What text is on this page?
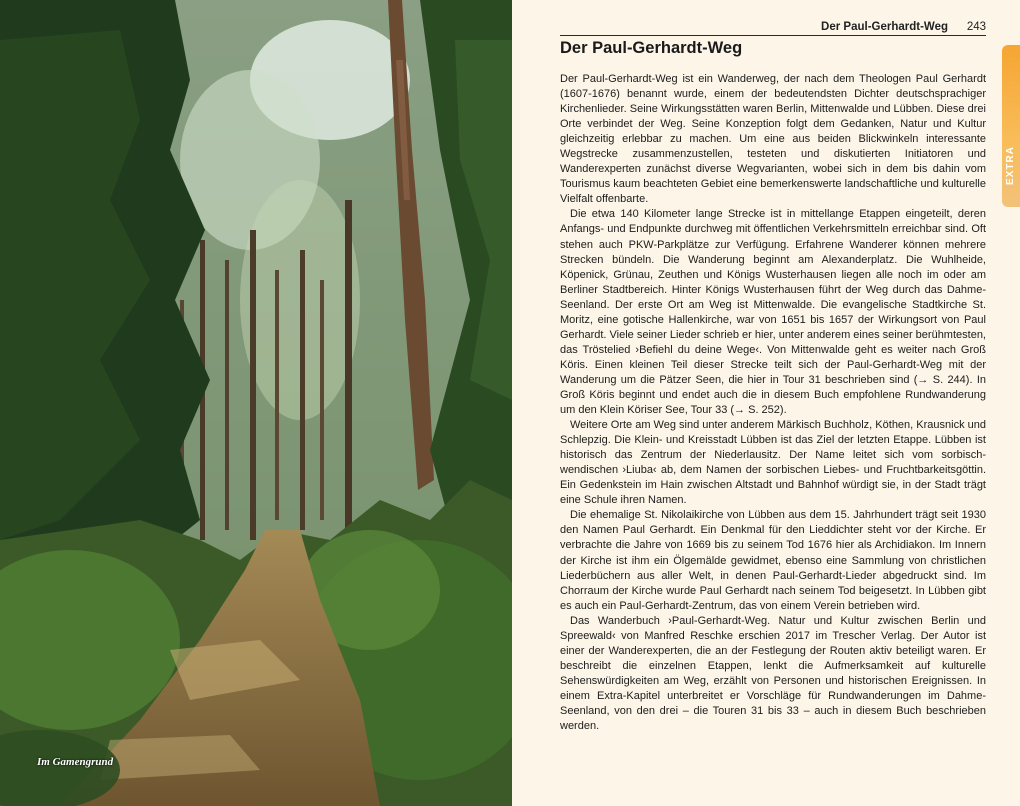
Im Gamengrund
Der Paul-Gerhardt-Weg 243
EXTRA
Der Paul-Gerhardt-Weg

Der Paul-Gerhardt-Weg ist ein Wanderweg, der nach dem Theologen Paul Gerhardt (1607-1676) benannt wurde, einem der bedeutendsten Dichter deutschsprachiger Kirchenlieder. Seine Wirkungsstätten waren Berlin, Mittenwalde und Lübben. Diese drei Orte verbindet der Weg. Seine Konzeption folgt dem Gedanken, Natur und Kultur gleichzeitig erlebbar zu machen. Um eine aus beiden Blickwinkeln interessante Wegstrecke zusammenzustellen, testeten und diskutierten Initiatoren und Wanderexperten zunächst diverse Wegvarianten, wobei sich in dem bis dahin vom Tourismus kaum beachteten Gebiet eine bemerkenswerte landschaftliche und kulturelle Vielfalt offenbarte.

Die etwa 140 Kilometer lange Strecke ist in mittellange Etappen eingeteilt, deren Anfangs- und Endpunkte durchweg mit öffentlichen Verkehrsmitteln erreichbar sind. Oft stehen auch PKW-Parkplätze zur Verfügung. Erfahrene Wanderer können mehrere Strecken bündeln. Die Wanderung beginnt am Alexanderplatz. Die Wuhlheide, Köpenick, Grünau, Zeuthen und Königs Wusterhausen liegen alle noch im oder am Berliner Stadtbereich. Hinter Königs Wusterhausen führt der Weg durch das Dahme-Seenland. Der erste Ort am Weg ist Mittenwalde. Die evangelische Stadtkirche St. Moritz, eine gotische Hallenkirche, war von 1651 bis 1657 der Wirkungsort von Paul Gerhardt. Viele seiner Lieder schrieb er hier, unter anderem eines seiner berühmtesten, das Tröstelied ›Befiehl du deine Wege‹. Von Mittenwalde geht es weiter nach Groß Köris. Einen kleinen Teil dieser Strecke teilt sich der Paul-Gerhardt-Weg mit der Wanderung um die Pätzer Seen, die hier in Tour 31 beschrieben sind (→ S. 244). In Groß Köris beginnt und endet auch die in diesem Buch empfohlene Rundwanderung um den Klein Köriser See, Tour 33 (→ S. 252).

Weitere Orte am Weg sind unter anderem Märkisch Buchholz, Köthen, Krausnick und Schlepzig. Die Klein- und Kreisstadt Lübben ist das Ziel der letzten Etappe. Lübben ist historisch das Zentrum der Niederlausitz. Der Name leitet sich vom sorbisch-wendischen ›Liuba‹ ab, dem Namen der sorbischen Liebes- und Fruchtbarkeitsgöttin. Ein Gedenkstein im Hain zwischen Altstadt und Bahnhof würdigt sie, in der Stadt trägt eine Schule ihren Namen.

Die ehemalige St. Nikolaikirche von Lübben aus dem 15. Jahrhundert trägt seit 1930 den Namen Paul Gerhardt. Ein Denkmal für den Lieddichter steht vor der Kirche. Er verbrachte die Jahre von 1669 bis zu seinem Tod 1676 hier als Archidiakon. Im Innern der Kirche ist ihm ein Ölgemälde gewidmet, ebenso eine Sammlung von christlichen Liederbüchern aus aller Welt, in denen Paul-Gerhardt-Lieder abgedruckt sind. Im Chorraum der Kirche wurde Paul Gerhardt nach seinem Tod beigesetzt. In Lübben gibt es auch ein Paul-Gerhardt-Zentrum, das von einem Verein betrieben wird.

Das Wanderbuch ›Paul-Gerhardt-Weg. Natur und Kultur zwischen Berlin und Spreewald‹ von Manfred Reschke erschien 2017 im Trescher Verlag. Der Autor ist einer der Wanderexperten, die an der Festlegung der Routen aktiv beteiligt waren. Er beschreibt die einzelnen Etappen, lenkt die Aufmerksamkeit auf kulturelle Sehenswürdigkeiten am Weg, erzählt von Personen und historischen Ereignissen. In einem Extra-Kapitel unterbreitet er Vorschläge für Rundwanderungen im Dahme-Seenland, von den drei – die Touren 31 bis 33 – auch in diesem Buch beschrieben werden.
